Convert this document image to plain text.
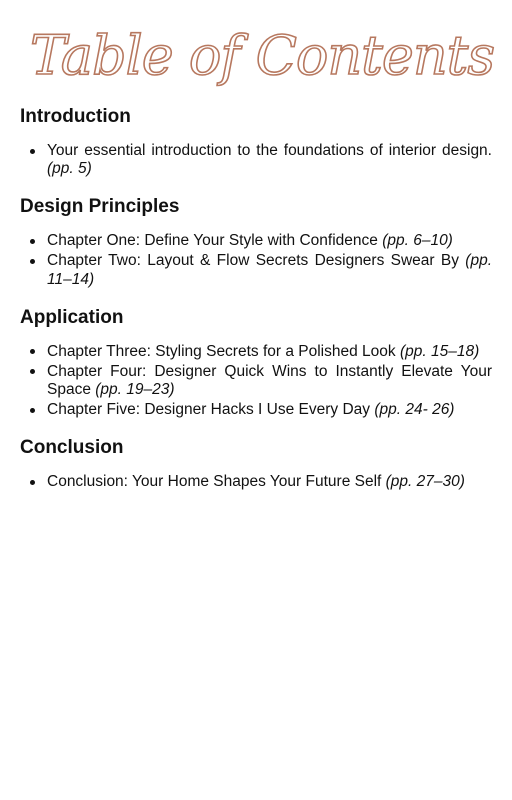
Table of Contents
Introduction
Your essential introduction to the foundations of interior design. (pp. 5)
Design Principles
Chapter One: Define Your Style with Confidence (pp. 6–10)
Chapter Two: Layout & Flow Secrets Designers Swear By (pp. 11–14)
Application
Chapter Three: Styling Secrets for a Polished Look (pp. 15–18)
Chapter Four: Designer Quick Wins to Instantly Elevate Your Space (pp. 19–23)
Chapter Five: Designer Hacks I Use Every Day (pp. 24- 26)
Conclusion
Conclusion: Your Home Shapes Your Future Self (pp. 27–30)
